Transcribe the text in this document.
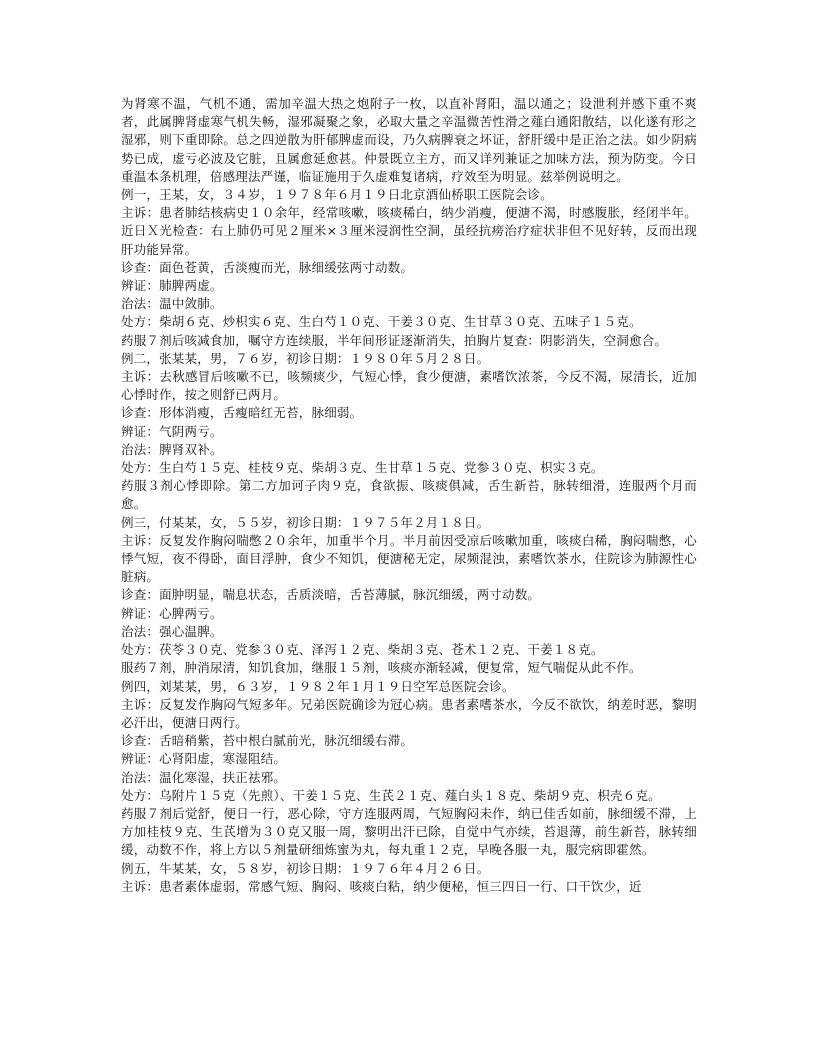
为肾寒不温，气机不通，需加辛温大热之炮附子一枚，以直补肾阳，温以通之；设泄利并感下重不爽者，此属脾肾虚寒气机失畅，湿邪凝聚之象，必取大量之辛温微苦性滑之薤白通阳散结，以化遂有形之湿邪，则下重即除。总之四逆散为肝郁脾虚而设，乃久病脾衰之坏证，舒肝缓中是正治之法。如少阴病势已成，虚亏必波及它脏，且属愈延愈甚。仲景既立主方，而又详列兼证之加味方法，预为防变。今日重温本条机理，倍感理法严谨，临证施用于久虚难复诸病，疗效至为明显。兹举例说明之。

例一，王某，女，３４岁，１９７８年６月１９日北京酒仙桥职工医院会诊。

主诉：患者肺结核病史１０余年，经常咳嗽，咳痰稀白，纳少消瘦，便溏不渴，时感腹胀，经闭半年。近日Ｘ光检查：右上肺仍可见２厘米×３厘米浸润性空洞，虽经抗痨治疗症状非但不见好转，反而出现肝功能异常。

诊查：面色苍黄，舌淡瘦而光，脉细缓弦两寸动数。

辨证：肺脾两虚。

治法：温中敛肺。

处方：柴胡６克、炒枳实６克、生白芍１０克、干姜３０克、生甘草３０克、五味子１５克。

药服７剂后咳减食加，嘱守方连续服，半年间形证逐渐消失，拍胸片复查：阴影消失，空洞愈合。

例二，张某某，男，７６岁，初诊日期：１９８０年５月２８日。

主诉：去秋感冒后咳嗽不已，咳频痰少，气短心悸，食少便溏，素嗜饮浓茶，今反不渴，尿清长，近加心悸时作，按之则舒已两月。

诊查：形体消瘦，舌瘦暗红无苔，脉细弱。

辨证：气阴两亏。

治法：脾肾双补。

处方：生白芍１５克、桂枝９克、柴胡３克、生甘草１５克、党参３０克、枳实３克。

药服３剂心悸即除。第二方加诃子肉９克，食欲振、咳痰俱减，舌生新苔，脉转细滑，连服两个月而愈。

例三，付某某，女，５５岁，初诊日期：１９７５年２月１８日。

主诉：反复发作胸闷喘憋２０余年，加重半个月。半月前因受凉后咳嗽加重，咳痰白稀，胸闷喘憋，心悸气短，夜不得卧，面目浮肿，食少不知饥，便溏秘无定，尿频混浊，素嗜饮茶水，住院诊为肺源性心脏病。

诊查：面肿明显，喘息状态，舌质淡暗，舌苔薄腻，脉沉细缓，两寸动数。

辨证：心脾两亏。

治法：强心温脾。

处方：茯苓３０克、党参３０克、泽泻１２克、柴胡３克、苍术１２克、干姜１８克。

服药７剂，肿消尿清，知饥食加，继服１５剂，咳痰亦渐轻减，便复常，短气喘促从此不作。

例四，刘某某，男，６３岁，１９８２年１月１９日空军总医院会诊。

主诉：反复发作胸闷气短多年。兄弟医院确诊为冠心病。患者素嗜茶水，今反不欲饮，纳差时恶，黎明必汗出，便溏日两行。

诊查：舌暗稍紫，苔中根白腻前光，脉沉细缓右滞。

辨证：心肾阳虚，寒湿阻结。

治法：温化寒湿，扶正祛邪。

处方：乌附片１５克（先煎）、干姜１５克、生芪２１克、薤白头１８克、柴胡９克、枳壳６克。

药服７剂后觉舒，便日一行，恶心除，守方连服两周，气短胸闷未作，纳已佳舌如前，脉细缓不滞，上方加桂枝９克、生芪增为３０克又服一周，黎明出汗已除，自觉中气亦续，苔退薄，前生新苔，脉转细缓，动数不作，将上方以５剂量研细炼蜜为丸，每丸重１２克，早晚各服一丸，服完病即霍然。

例五，牛某某，女，５８岁，初诊日期：１９７６年４月２６日。

主诉：患者素体虚弱，常感气短、胸闷、咳痰白粘，纳少便秘，恒三四日一行、口干饮少，近
